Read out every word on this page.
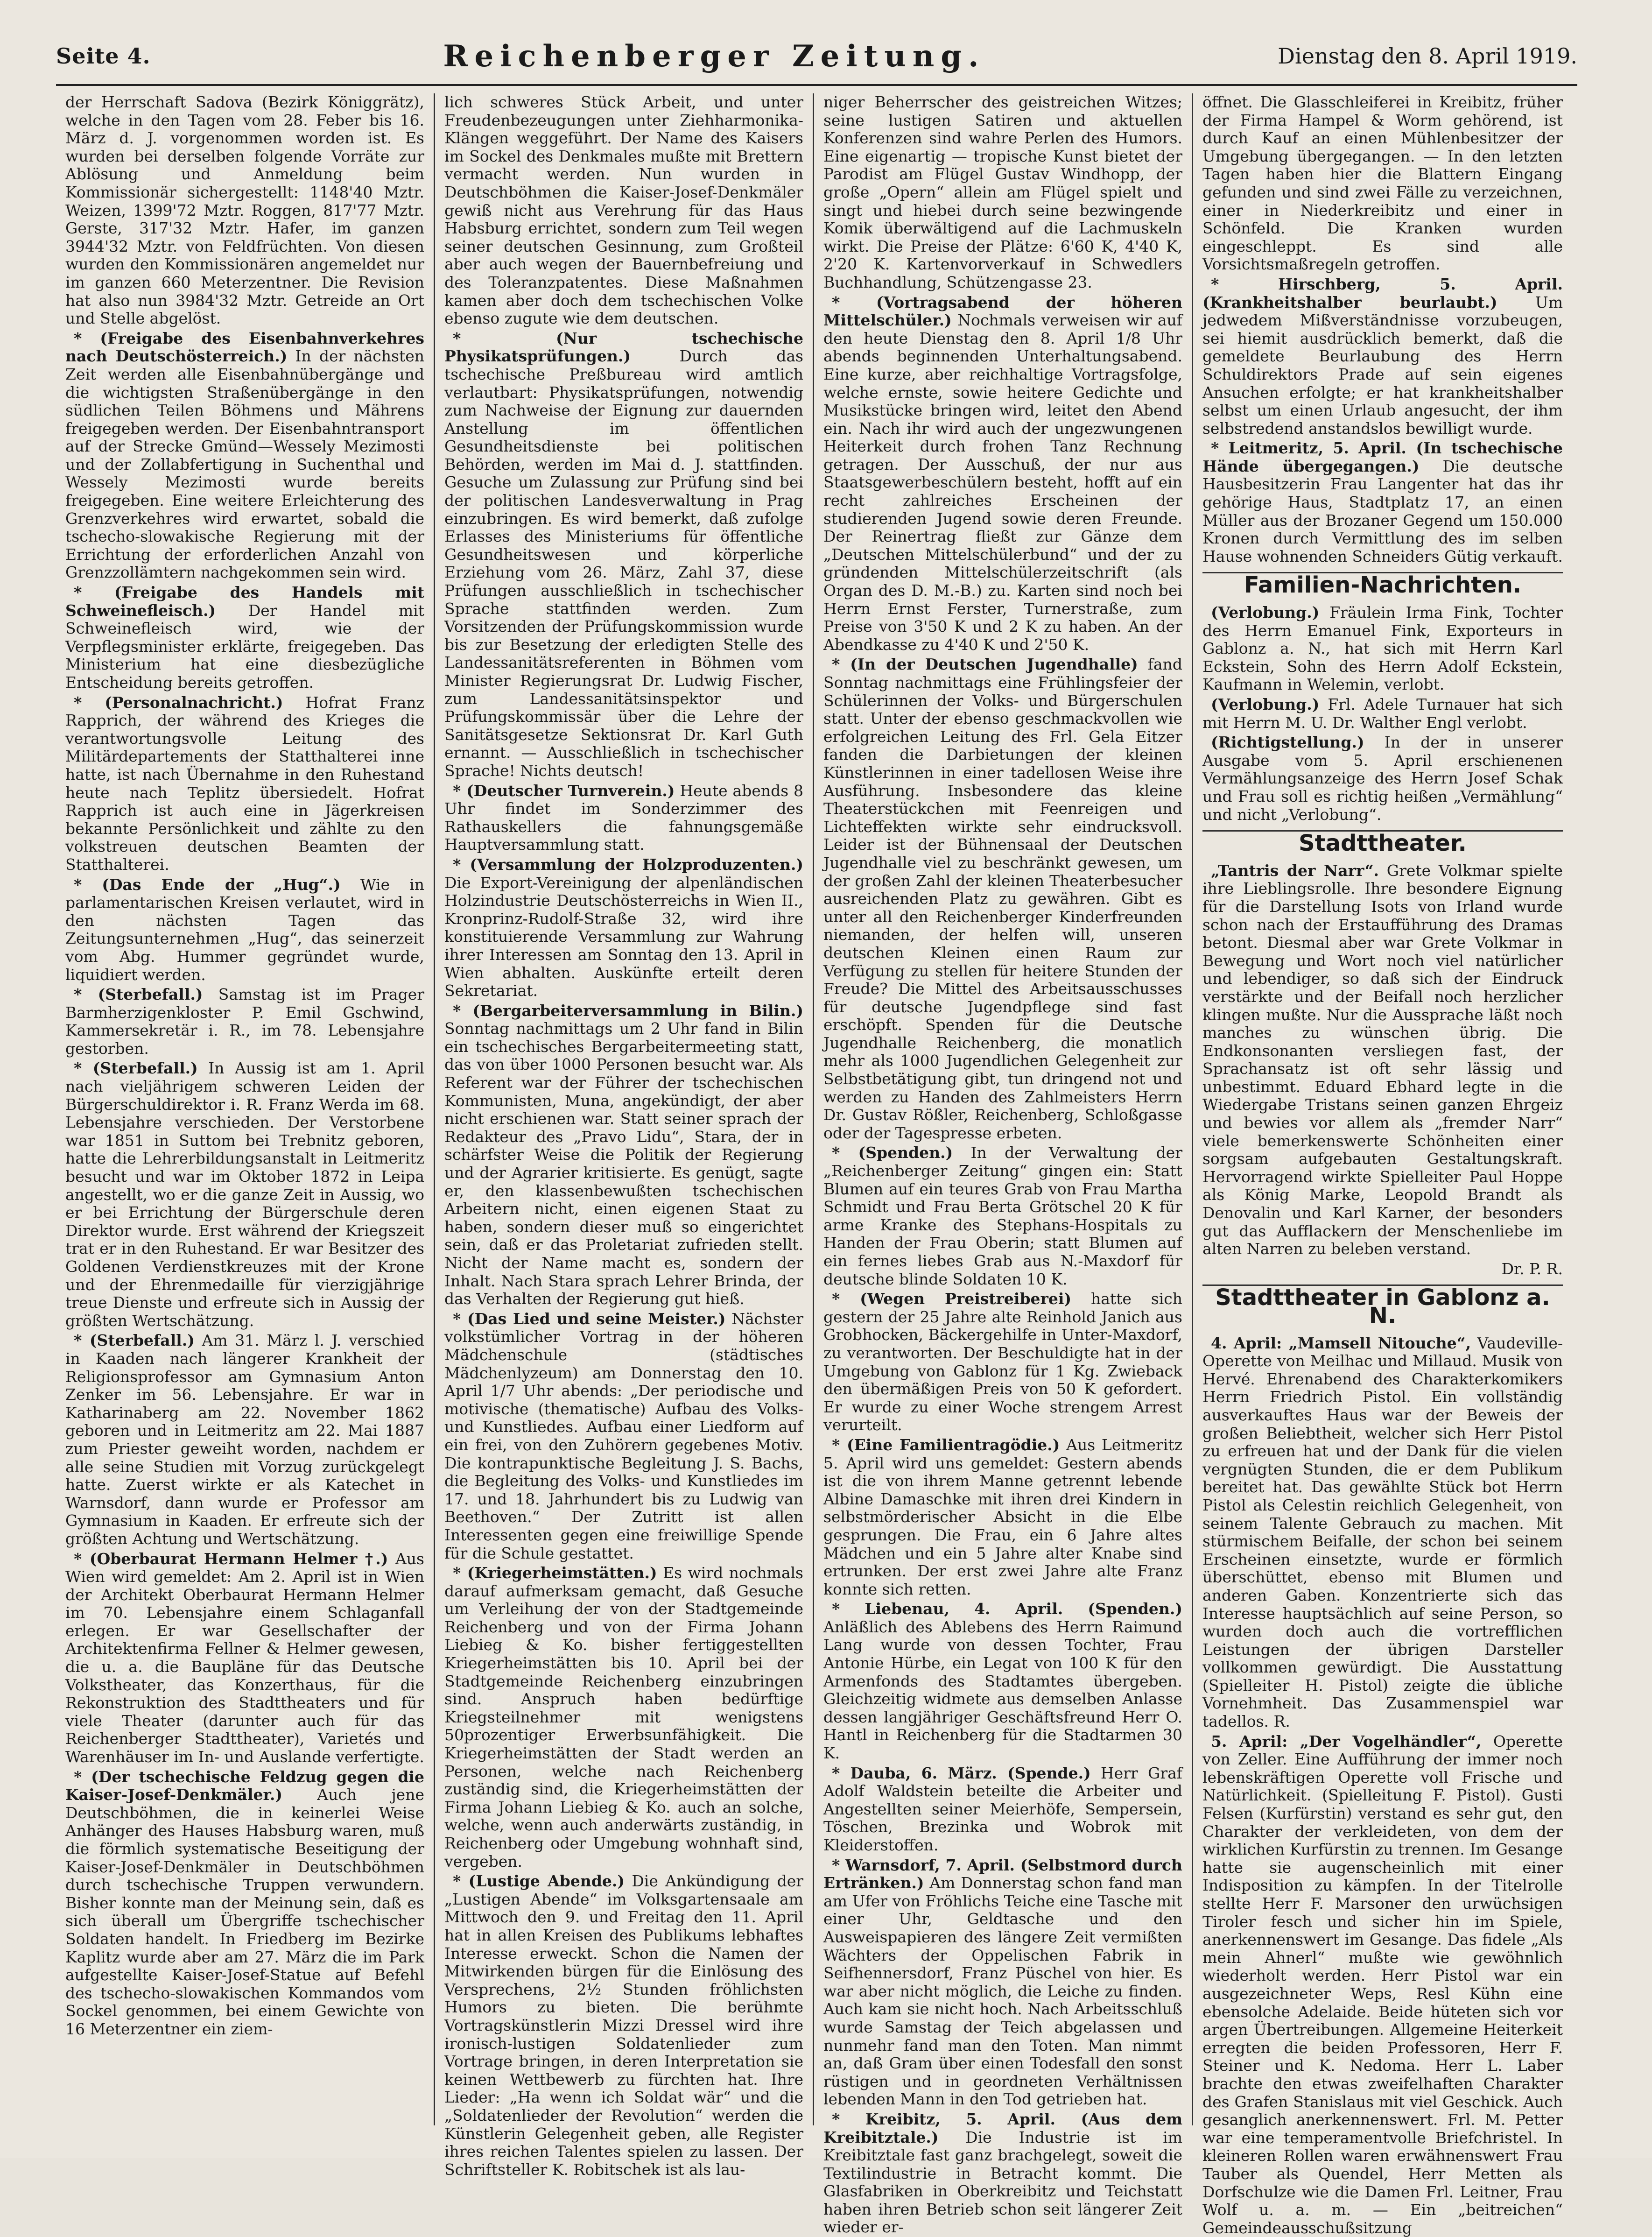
Seite 4.	Reichenberger Zeitung.	Dienstag den 8. April 1919.

der Herrschaft Sadova (Bezirk Königgrätz), welche in den Tagen vom 28. Feber bis 16. März d. J. vorgenommen worden ist. Es wurden bei derselben folgende Vorräte zur Ablösung und Anmeldung beim Kommissionär sichergestellt: 1148'40 Mztr. Weizen, 1399'72 Mztr. Roggen, 817'77 Mztr. Gerste, 317'32 Mztr. Hafer, im ganzen 3944'32 Mztr. von Feldfrüchten. Von diesen wurden den Kommissionären angemeldet nur im ganzen 660 Meterzentner. Die Revision hat also nun 3984'32 Mztr. Getreide an Ort und Stelle abgelöst.

* (Freigabe des Eisenbahnverkehres nach Deutschösterreich.) In der nächsten Zeit werden alle Eisenbahnübergänge und die wichtigsten Straßenübergänge in den südlichen Teilen Böhmens und Mährens freigegeben werden. Der Eisenbahntransport auf der Strecke Gmünd—Wessely Mezimosti und der Zollabfertigung in Suchenthal und Wessely Mezimosti wurde bereits freigegeben. Eine weitere Erleichterung des Grenzverkehres wird erwartet, sobald die tschecho-slowakische Regierung mit der Errichtung der erforderlichen Anzahl von Grenzzollämtern nachgekommen sein wird.

* (Freigabe des Handels mit Schweinefleisch.) Der Handel mit Schweinefleisch wird, wie der Verpflegsminister erklärte, freigegeben. Das Ministerium hat eine diesbezügliche Entscheidung bereits getroffen.

* (Personalnachricht.) Hofrat Franz Rapprich, der während des Krieges die verantwortungsvolle Leitung des Militärdepartements der Statthalterei inne hatte, ist nach Übernahme in den Ruhestand heute nach Teplitz übersiedelt. Hofrat Rapprich ist auch eine in Jägerkreisen bekannte Persönlichkeit und zählte zu den volkstreuen deutschen Beamten der Statthalterei.

* (Das Ende der „Hug“.) Wie in parlamentarischen Kreisen verlautet, wird in den nächsten Tagen das Zeitungsunternehmen „Hug“, das seinerzeit vom Abg. Hummer gegründet wurde, liquidiert werden.

* (Sterbefall.) Samstag ist im Prager Barmherzigenkloster P. Emil Gschwind, Kammersekretär i. R., im 78. Lebensjahre gestorben.

* (Sterbefall.) In Aussig ist am 1. April nach vieljährigem schweren Leiden der Bürgerschuldirektor i. R. Franz Werda im 68. Lebensjahre verschieden. Der Verstorbene war 1851 in Suttom bei Trebnitz geboren, hatte die Lehrerbildungsanstalt in Leitmeritz besucht und war im Oktober 1872 in Leipa angestellt, wo er die ganze Zeit in Aussig, wo er bei Errichtung der Bürgerschule deren Direktor wurde. Erst während der Kriegszeit trat er in den Ruhestand. Er war Besitzer des Goldenen Verdienstkreuzes mit der Krone und der Ehrenmedaille für vierzigjährige treue Dienste und erfreute sich in Aussig der größten Wertschätzung.

* (Sterbefall.) Am 31. März l. J. verschied in Kaaden nach längerer Krankheit der Religionsprofessor am Gymnasium Anton Zenker im 56. Lebensjahre. Er war in Katharinaberg am 22. November 1862 geboren und in Leitmeritz am 22. Mai 1887 zum Priester geweiht worden, nachdem er alle seine Studien mit Vorzug zurückgelegt hatte. Zuerst wirkte er als Katechet in Warnsdorf, dann wurde er Professor am Gymnasium in Kaaden. Er erfreute sich der größten Achtung und Wertschätzung.

* (Oberbaurat Hermann Helmer †.) Aus Wien wird gemeldet: Am 2. April ist in Wien der Architekt Oberbaurat Hermann Helmer im 70. Lebensjahre einem Schlaganfall erlegen. Er war Gesellschafter der Architektenfirma Fellner & Helmer gewesen, die u. a. die Baupläne für das Deutsche Volkstheater, das Konzerthaus, für die Rekonstruktion des Stadttheaters und für viele Theater (darunter auch für das Reichenberger Stadttheater), Varietés und Warenhäuser im In- und Auslande verfertigte.

* (Der tschechische Feldzug gegen die Kaiser-Josef-Denkmäler.) Auch jene Deutschböhmen, die in keinerlei Weise Anhänger des Hauses Habsburg waren, muß die förmlich systematische Beseitigung der Kaiser-Josef-Denkmäler in Deutschböhmen durch tschechische Truppen verwundern. Bisher konnte man der Meinung sein, daß es sich überall um Übergriffe tschechischer Soldaten handelt. In Friedberg im Bezirke Kaplitz wurde aber am 27. März die im Park aufgestellte Kaiser-Josef-Statue auf Befehl des tschecho-slowakischen Kommandos vom Sockel genommen, bei einem Gewichte von 16 Meterzentner ein ziem-

lich schweres Stück Arbeit, und unter Freudenbezeugungen unter Ziehharmonika-Klängen weggeführt. Der Name des Kaisers im Sockel des Denkmales mußte mit Brettern vermacht werden. Nun wurden in Deutschböhmen die Kaiser-Josef-Denkmäler gewiß nicht aus Verehrung für das Haus Habsburg errichtet, sondern zum Teil wegen seiner deutschen Gesinnung, zum Großteil aber auch wegen der Bauernbefreiung und des Toleranzpatentes. Diese Maßnahmen kamen aber doch dem tschechischen Volke ebenso zugute wie dem deutschen.

* (Nur tschechische Physikatsprüfungen.)	Durch das tschechische Preßbureau wird amtlich verlautbart: Physikatsprüfungen, notwendig zum Nachweise der Eignung zur dauernden Anstellung im öffentlichen Gesundheitsdienste bei politischen Behörden, werden im Mai d. J. stattfinden. Gesuche um Zulassung zur Prüfung sind bei der politischen Landesverwaltung in Prag einzubringen. Es wird bemerkt, daß zufolge Erlasses des Ministeriums für öffentliche Gesundheitswesen und körperliche Erziehung vom 26. März, Zahl 37, diese Prüfungen ausschließlich in tschechischer Sprache stattfinden werden. Zum Vorsitzenden der Prüfungskommission wurde bis zur Besetzung der erledigten Stelle des Landessanitätsreferenten in Böhmen vom Minister Regierungsrat Dr. Ludwig Fischer, zum Landessanitätsinspektor und Prüfungskommissär über die Lehre der Sanitätsgesetze Sektionsrat Dr. Karl Guth ernannt. — Ausschließlich in tschechischer Sprache! Nichts deutsch!

* (Deutscher Turnverein.) Heute abends 8 Uhr findet im Sonderzimmer des Rathauskellers die fahnungsgemäße Hauptversammlung statt.

* (Versammlung der Holzproduzenten.) Die Export-Vereinigung der alpenländischen Holzindustrie Deutschösterreichs in Wien II., Kronprinz-Rudolf-Straße 32, wird ihre konstituierende Versammlung zur Wahrung ihrer Interessen am Sonntag den 13. April in Wien abhalten. Auskünfte erteilt deren Sekretariat.

* (Bergarbeiterversammlung in Bilin.) Sonntag nachmittags um 2 Uhr fand in Bilin ein tschechisches Bergarbeitermeeting statt, das von über 1000 Personen besucht war. Als Referent war der Führer der tschechischen Kommunisten, Muna, angekündigt, der aber nicht erschienen war. Statt seiner sprach der Redakteur des „Pravo Lidu“, Stara, der in schärfster Weise die Politik der Regierung und der Agrarier kritisierte. Es genügt, sagte er, den klassenbewußten tschechischen Arbeitern nicht, einen eigenen Staat zu haben, sondern dieser muß so eingerichtet sein, daß er das Proletariat zufrieden stellt. Nicht der Name macht es, sondern der Inhalt. Nach Stara sprach Lehrer Brinda, der das Verhalten der Regierung gut hieß.

* (Das Lied und seine Meister.) Nächster volkstümlicher Vortrag in der höheren Mädchenschule (städtisches Mädchenlyzeum) am Donnerstag den 10. April 1/7 Uhr abends: „Der periodische und motivische (thematische) Aufbau des Volks- und Kunstliedes. Aufbau einer Liedform auf ein frei, von den Zuhörern gegebenes Motiv. Die kontrapunktische Begleitung J. S. Bachs, die Begleitung des Volks- und Kunstliedes im 17. und 18. Jahrhundert bis zu Ludwig van Beethoven.“ Der Zutritt ist allen Interessenten gegen eine freiwillige Spende für die Schule gestattet.

* (Kriegerheimstätten.) Es wird nochmals darauf aufmerksam gemacht, daß Gesuche um Verleihung der von der Stadtgemeinde Reichenberg und von der Firma Johann Liebieg & Ko. bisher fertiggestellten Kriegerheimstätten bis 10. April bei der Stadtgemeinde Reichenberg einzubringen sind. Anspruch haben bedürftige Kriegsteilnehmer mit wenigstens 50prozentiger Erwerbsunfähigkeit. Die Kriegerheimstätten der Stadt werden an Personen, welche nach Reichenberg zuständig sind, die Kriegerheimstätten der Firma Johann Liebieg & Ko. auch an solche, welche, wenn auch anderwärts zuständig, in Reichenberg oder Umgebung wohnhaft sind, vergeben.

* (Lustige Abende.) Die Ankündigung der „Lustigen Abende“ im Volksgartensaale am Mittwoch den 9. und Freitag den 11. April hat in allen Kreisen des Publikums lebhaftes Interesse erweckt. Schon die Namen der Mitwirkenden bürgen für die Einlösung des Versprechens, 2½ Stunden fröhlichsten Humors zu bieten. Die berühmte Vortragskünstlerin Mizzi Dressel wird ihre ironisch-lustigen Soldatenlieder zum Vortrage bringen, in deren Interpretation sie keinen Wettbewerb zu fürchten hat. Ihre Lieder: „Ha wenn ich Soldat wär“ und die „Soldatenlieder der Revolution“ werden die Künstlerin Gelegenheit geben, alle Register ihres reichen Talentes spielen zu lassen. Der Schriftsteller K. Robitschek ist als lau-

niger Beherrscher des geistreichen Witzes; seine lustigen Satiren und aktuellen Konferenzen sind wahre Perlen des Humors. Eine eigenartig — tropische Kunst bietet der Parodist am Flügel Gustav Windhopp, der große „Opern“ allein am Flügel spielt und singt und hiebei durch seine bezwingende Komik überwältigend auf die Lachmuskeln wirkt. Die Preise der Plätze: 6'60 K, 4'40 K, 2'20 K. Kartenvorverkauf in Schwedlers Buchhandlung, Schützengasse 23.

* (Vortragsabend der höheren Mittelschüler.) Nochmals verweisen wir auf den heute Dienstag den 8. April 1/8 Uhr abends beginnenden Unterhaltungsabend. Eine kurze, aber reichhaltige Vortragsfolge, welche ernste, sowie heitere Gedichte und Musikstücke bringen wird, leitet den Abend ein. Nach ihr wird auch der ungezwungenen Heiterkeit durch frohen Tanz Rechnung getragen. Der Ausschuß, der nur aus Staatsgewerbeschülern besteht, hofft auf ein recht zahlreiches Erscheinen der studierenden Jugend sowie deren Freunde. Der Reinertrag fließt zur Gänze dem „Deutschen Mittelschülerbund“ und der zu gründenden Mittelschülerzeitschrift (als Organ des D. M.-B.) zu. Karten sind noch bei Herrn Ernst Ferster, Turnerstraße, zum Preise von 3'50 K und 2 K zu haben. An der Abendkasse zu 4'40 K und 2'50 K.

* (In der Deutschen Jugendhalle) fand Sonntag nachmittags eine Frühlingsfeier der Schülerinnen der Volks- und Bürgerschulen statt. Unter der ebenso geschmackvollen wie erfolgreichen Leitung des Frl. Gela Eitzer fanden die Darbietungen der kleinen Künstlerinnen in einer tadellosen Weise ihre Ausführung. Insbesondere das kleine Theaterstückchen mit Feenreigen und Lichteffekten wirkte sehr eindrucksvoll. Leider ist der Bühnensaal der Deutschen Jugendhalle viel zu beschränkt gewesen, um der großen Zahl der kleinen Theaterbesucher ausreichenden Platz zu gewähren. Gibt es unter all den Reichenberger Kinderfreunden niemanden, der helfen will, unseren deutschen Kleinen einen Raum zur Verfügung zu stellen für heitere Stunden der Freude? Die Mittel des Arbeitsausschusses für deutsche Jugendpflege sind fast erschöpft. Spenden für die Deutsche Jugendhalle Reichenberg, die monatlich mehr als 1000 Jugendlichen Gelegenheit zur Selbstbetätigung gibt, tun dringend not und werden zu Handen des Zahlmeisters Herrn Dr. Gustav Rößler, Reichenberg, Schloßgasse oder der Tagespresse erbeten.

* (Spenden.) In der Verwaltung der „Reichenberger Zeitung“ gingen ein: Statt Blumen auf ein teures Grab von Frau Martha Schmidt und Frau Berta Grötschel 20 K für arme Kranke des Stephans-Hospitals zu Handen der Frau Oberin; statt Blumen auf ein fernes liebes Grab aus N.-Maxdorf für deutsche blinde Soldaten 10 K.

* (Wegen Preistreiberei) hatte sich gestern der 25 Jahre alte Reinhold Janich aus Grobhocken, Bäckergehilfe in Unter-Maxdorf, zu verantworten. Der Beschuldigte hat in der Umgebung von Gablonz für 1 Kg. Zwieback den übermäßigen Preis von 50 K gefordert. Er wurde zu einer Woche strengem Arrest verurteilt.

* (Eine Familientragödie.) Aus Leitmeritz 5. April wird uns gemeldet: Gestern abends ist die von ihrem Manne getrennt lebende Albine Damaschke mit ihren drei Kindern in selbstmörderischer Absicht in die Elbe gesprungen. Die Frau, ein 6 Jahre altes Mädchen und ein 5 Jahre alter Knabe sind ertrunken. Der erst zwei Jahre alte Franz konnte sich retten.

* Liebenau, 4. April. (Spenden.) Anläßlich des Ablebens des Herrn Raimund Lang wurde von dessen Tochter, Frau Antonie Hürbe, ein Legat von 100 K für den Armenfonds des Stadtamtes übergeben. Gleichzeitig widmete aus demselben Anlasse dessen langjähriger Geschäftsfreund Herr O. Hantl in Reichenberg für die Stadtarmen 30 K.

* Dauba, 6. März. (Spende.) Herr Graf Adolf Waldstein beteilte die Arbeiter und Angestellten seiner Meierhöfe, Sempersein, Töschen, Brezinka und Wobrok mit Kleiderstoffen.

* Warnsdorf, 7. April. (Selbstmord durch Ertränken.) Am Donnerstag schon fand man am Ufer von Fröhlichs Teiche eine Tasche mit einer Uhr, Geldtasche und den Ausweispapieren des längere Zeit vermißten Wächters der Oppelischen Fabrik in Seifhennersdorf, Franz Püschel von hier. Es war aber nicht möglich, die Leiche zu finden. Auch kam sie nicht hoch. Nach Arbeitsschluß wurde Samstag der Teich abgelassen und nunmehr fand man den Toten. Man nimmt an, daß Gram über einen Todesfall den sonst rüstigen und in geordneten Verhältnissen lebenden Mann in den Tod getrieben hat.

* Kreibitz, 5. April. (Aus dem Kreibitztale.) Die Industrie ist im Kreibitztale fast ganz brachgelegt, soweit die Textilindustrie in Betracht kommt. Die Glasfabriken in Oberkreibitz und Teichstatt haben ihren Betrieb schon seit längerer Zeit wieder er-

öffnet. Die Glasschleiferei in Kreibitz, früher der Firma Hampel & Worm gehörend, ist durch Kauf an einen Mühlenbesitzer der Umgebung übergegangen. — In den letzten Tagen haben hier die Blattern Eingang gefunden und sind zwei Fälle zu verzeichnen, einer in Niederkreibitz und einer in Schönfeld. Die Kranken wurden eingeschleppt. Es sind alle Vorsichtsmaßregeln getroffen.

* Hirschberg, 5. April. (Krankheitshalber beurlaubt.) Um jedwedem Mißverständnisse vorzubeugen, sei hiemit ausdrücklich bemerkt, daß die gemeldete Beurlaubung des Herrn Schuldirektors Prade auf sein eigenes Ansuchen erfolgte; er hat krankheitshalber selbst um einen Urlaub angesucht, der ihm selbstredend anstandslos bewilligt wurde.

* Leitmeritz, 5. April. (In tschechische Hände übergegangen.) Die deutsche Hausbesitzerin Frau Langenter hat das ihr gehörige Haus, Stadtplatz 17, an einen Müller aus der Brozaner Gegend um 150.000 Kronen durch Vermittlung des im selben Hause wohnenden Schneiders Gütig verkauft.

Familien-Nachrichten.

(Verlobung.) Fräulein Irma Fink, Tochter des Herrn Emanuel Fink, Exporteurs in Gablonz a. N., hat sich mit Herrn Karl Eckstein, Sohn des Herrn Adolf Eckstein, Kaufmann in Welemin, verlobt.

(Verlobung.) Frl. Adele Turnauer hat sich mit Herrn M. U. Dr. Walther Engl verlobt.

(Richtigstellung.) In der in unserer Ausgabe vom 5. April erschienenen Vermählungsanzeige des Herrn Josef Schak und Frau soll es richtig heißen „Vermählung“ und nicht „Verlobung“.

Stadttheater.

„Tantris der Narr“. Grete Volkmar spielte ihre Lieblingsrolle. Ihre besondere Eignung für die Darstellung Isots von Irland wurde schon nach der Erstaufführung des Dramas betont. Diesmal aber war Grete Volkmar in Bewegung und Wort noch viel natürlicher und lebendiger, so daß sich der Eindruck verstärkte und der Beifall noch herzlicher klingen mußte. Nur die Aussprache läßt noch manches zu wünschen übrig. Die Endkonsonanten versliegen fast, der Sprachansatz ist oft sehr lässig und unbestimmt. Eduard Ebhard legte in die Wiedergabe Tristans seinen ganzen Ehrgeiz und bewies vor allem als „fremder Narr“ viele bemerkenswerte Schönheiten einer sorgsam aufgebauten Gestaltungskraft. Hervorragend wirkte Spielleiter Paul Hoppe als König Marke, Leopold Brandt als Denovalin und Karl Karner, der besonders gut das Aufflackern der Menschenliebe im alten Narren zu beleben verstand.

Dr. P. R.
Stadttheater in Gablonz a. N.

4. April: „Mamsell Nitouche“, Vaudeville-Operette von Meilhac und Millaud. Musik von Hervé. Ehrenabend des Charakterkomikers Herrn Friedrich Pistol. Ein vollständig ausverkauftes Haus war der Beweis der großen Beliebtheit, welcher sich Herr Pistol zu erfreuen hat und der Dank für die vielen vergnügten Stunden, die er dem Publikum bereitet hat. Das gewählte Stück bot Herrn Pistol als Celestin reichlich Gelegenheit, von seinem Talente Gebrauch zu machen. Mit stürmischem Beifalle, der schon bei seinem Erscheinen einsetzte, wurde er förmlich überschüttet, ebenso mit Blumen und anderen Gaben. Konzentrierte sich das Interesse hauptsächlich auf seine Person, so wurden doch auch die vortrefflichen Leistungen der übrigen Darsteller vollkommen gewürdigt. Die Ausstattung (Spielleiter H. Pistol) zeigte die übliche Vornehmheit. Das Zusammenspiel war tadellos. R.

5. April: „Der Vogelhändler“, Operette von Zeller. Eine Aufführung der immer noch lebenskräftigen Operette voll Frische und Natürlichkeit. (Spielleitung F. Pistol). Gusti Felsen (Kurfürstin) verstand es sehr gut, den Charakter der verkleideten, von dem der wirklichen Kurfürstin zu trennen. Im Gesange hatte sie augenscheinlich mit einer Indisposition zu kämpfen. In der Titelrolle stellte Herr F. Marsoner den urwüchsigen Tiroler fesch und sicher hin im Spiele, anerkennenswert im Gesange. Das fidele „Als mein Ahnerl“ mußte wie gewöhnlich wiederholt werden. Herr Pistol war ein ausgezeichneter Weps, Resl Kühn eine ebensolche Adelaide. Beide hüteten sich vor argen Übertreibungen. Allgemeine Heiterkeit erregten die beiden Professoren, Herr F. Steiner und K. Nedoma. Herr L. Laber brachte den etwas zweifelhaften Charakter des Grafen Stanislaus mit viel Geschick. Auch gesanglich anerkennenswert. Frl. M. Petter war eine temperamentvolle Briefchristel. In kleineren Rollen waren erwähnenswert Frau Tauber als Quendel, Herr Metten als Dorfschulze wie die Damen Frl. Leitner, Frau Wolf u. a. m. — Ein „beitreichen“ Gemeindeausschußsitzung
